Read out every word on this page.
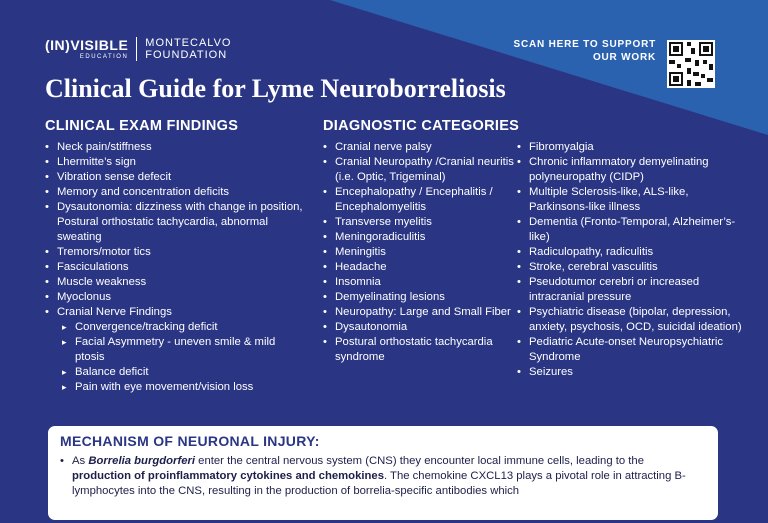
(IN)VISIBLE
EDUCATION
MONTECALVO
FOUNDATION
SCAN HERE TO SUPPORT
OUR WORK
Clinical Guide for Lyme Neuroborreliosis
CLINICAL EXAM FINDINGS
• Neck pain/stiffness
• Lhermitte’s sign
• Vibration sense defecit
• Memory and concentration deficits
• Dysautonomia: dizziness with change in position, Postural orthostatic tachycardia, abnormal sweating
• Tremors/motor tics
• Fasciculations
• Muscle weakness
• Myoclonus
• Cranial Nerve Findings
▸ Convergence/tracking deficit
▸ Facial Asymmetry - uneven smile & mild ptosis
▸ Balance deficit
▸ Pain with eye movement/vision loss
DIAGNOSTIC CATEGORIES
• Cranial nerve palsy
• Cranial Neuropathy /Cranial neuritis (i.e. Optic, Trigeminal)
• Encephalopathy / Encephalitis / Encephalomyelitis
• Transverse myelitis
• Meningoradiculitis
• Meningitis
• Headache
• Insomnia
• Demyelinating lesions
• Neuropathy: Large and Small Fiber
• Dysautonomia
• Postural orthostatic tachycardia syndrome
• Fibromyalgia
• Chronic inflammatory demyelinating polyneuropathy (CIDP)
• Multiple Sclerosis-like, ALS-like, Parkinsons-like illness
• Dementia (Fronto-Temporal, Alzheimer’s-like)
• Radiculopathy, radiculitis
• Stroke, cerebral vasculitis
• Pseudotumor cerebri or increased intracranial pressure
• Psychiatric disease (bipolar, depression, anxiety, psychosis, OCD, suicidal ideation)
• Pediatric Acute-onset Neuropsychiatric Syndrome
• Seizures
MECHANISM OF NEURONAL INJURY:
• As Borrelia burgdorferi enter the central nervous system (CNS) they encounter local immune cells, leading to the production of proinflammatory cytokines and chemokines. The chemokine CXCL13 plays a pivotal role in attracting B-lymphocytes into the CNS, resulting in the production of borrelia-specific antibodies which
